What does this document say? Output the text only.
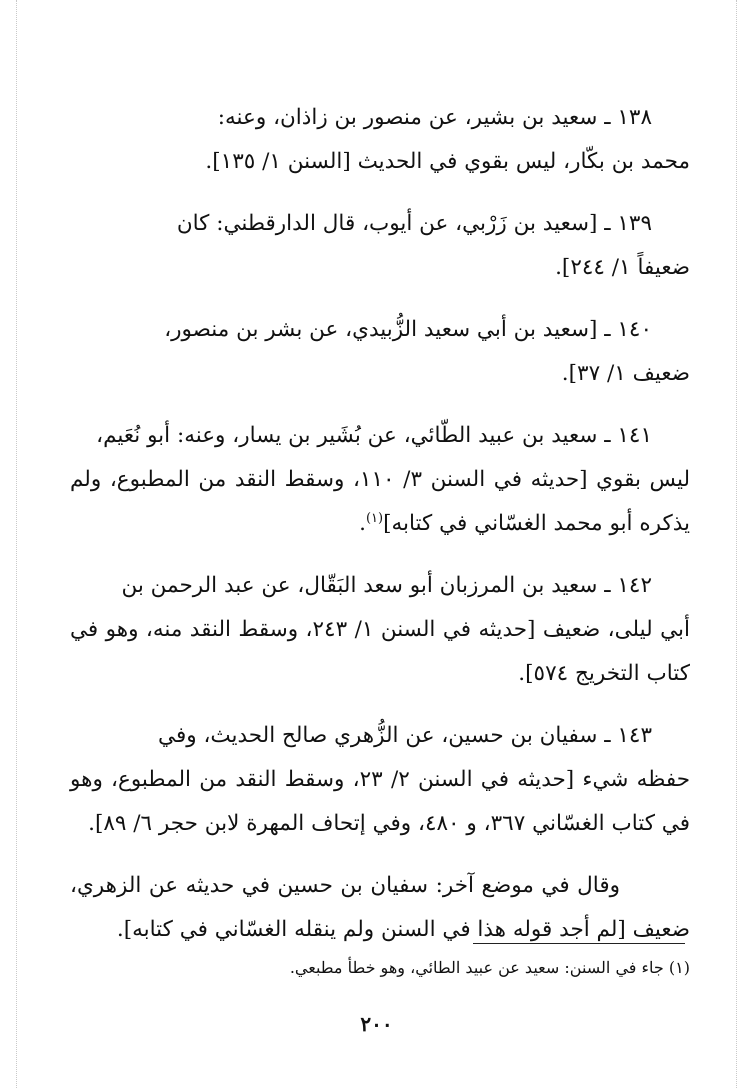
١٣٨ ـ سعيد بن بشير، عن منصور بن زاذان، وعنه:
محمد بن بكّار، ليس بقوي في الحديث [السنن ١/ ١٣٥].

١٣٩ ـ [سعيد بن زَرْبي، عن أيوب، قال الدارقطني: كان
ضعيفاً ١/ ٢٤٤].

١٤٠ ـ [سعيد بن أبي سعيد الزُّبيدي، عن بشر بن منصور،
ضعيف ١/ ٣٧].

١٤١ ـ سعيد بن عبيد الطّائي، عن بُشَير بن يسار، وعنه: أبو نُعَيم،
ليس بقوي [حديثه في السنن ٣/ ١١٠، وسقط النقد من المطبوع، ولم يذكره أبو محمد الغسّاني في كتابه]$^{(١)}$.

١٤٢ ـ سعيد بن المرزبان أبو سعد البَقّال، عن عبد الرحمن بن
أبي ليلى، ضعيف [حديثه في السنن ١/ ٢٤٣، وسقط النقد منه، وهو في كتاب التخريج ٥٧٤].

١٤٣ ـ سفيان بن حسين، عن الزُّهري صالح الحديث، وفي
حفظه شيء [حديثه في السنن ٢/ ٢٣، وسقط النقد من المطبوع، وهو في كتاب الغسّاني ٣٦٧، و ٤٨٠، وفي إتحاف المهرة لابن حجر ٦/ ٨٩].

وقال في موضع آخر: سفيان بن حسين في حديثه عن الزهري، ضعيف [لم أجد قوله هذا في السنن ولم ينقله الغسّاني في كتابه].

(١) جاء في السنن: سعيد عن عبيد الطائي، وهو خطأ مطبعي.
٢٠٠
